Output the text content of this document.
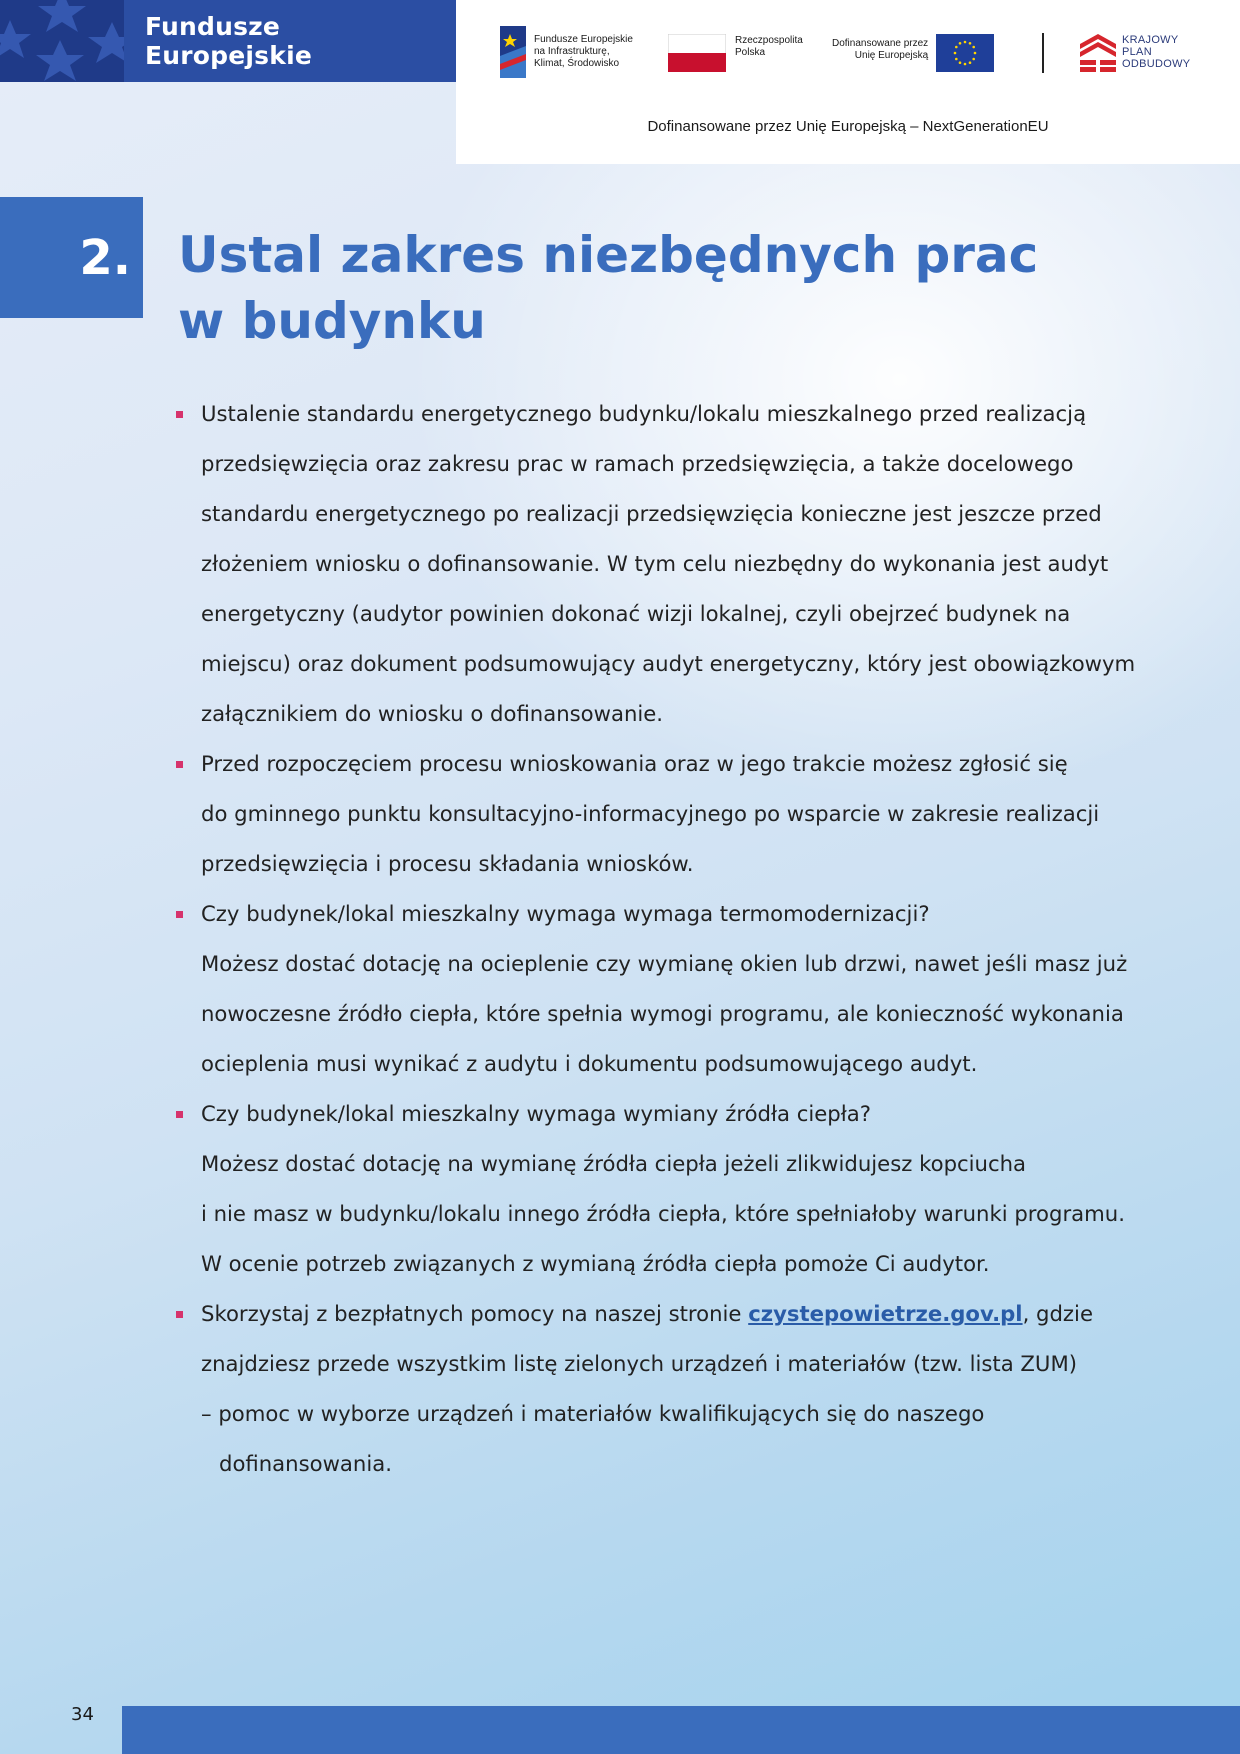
Fundusze Europejskie
Fundusze Europejskie
na Infrastrukturę,
Klimat, Środowisko
Rzeczpospolita
Polska
Dofinansowane przez
Unię Europejską
KRAJOWY
PLAN
ODBUDOWY
Dofinansowane przez Unię Europejską – NextGenerationEU
2. Ustal zakres niezbędnych prac
w budynku
Ustalenie standardu energetycznego budynku/lokalu mieszkalnego przed realizacją
przedsięwzięcia oraz zakresu prac w ramach przedsięwzięcia, a także docelowego
standardu energetycznego po realizacji przedsięwzięcia konieczne jest jeszcze przed
złożeniem wniosku o dofinansowanie. W tym celu niezbędny do wykonania jest audyt
energetyczny (audytor powinien dokonać wizji lokalnej, czyli obejrzeć budynek na
miejscu) oraz dokument podsumowujący audyt energetyczny, który jest obowiązkowym
załącznikiem do wniosku o dofinansowanie.
Przed rozpoczęciem procesu wnioskowania oraz w jego trakcie możesz zgłosić się
do gminnego punktu konsultacyjno-informacyjnego po wsparcie w zakresie realizacji
przedsięwzięcia i procesu składania wniosków.
Czy budynek/lokal mieszkalny wymaga wymaga termomodernizacji?
Możesz dostać dotację na ocieplenie czy wymianę okien lub drzwi, nawet jeśli masz już
nowoczesne źródło ciepła, które spełnia wymogi programu, ale konieczność wykonania
ocieplenia musi wynikać z audytu i dokumentu podsumowującego audyt.
Czy budynek/lokal mieszkalny wymaga wymiany źródła ciepła?
Możesz dostać dotację na wymianę źródła ciepła jeżeli zlikwidujesz kopciucha
i nie masz w budynku/lokalu innego źródła ciepła, które spełniałoby warunki programu.
W ocenie potrzeb związanych z wymianą źródła ciepła pomoże Ci audytor.
Skorzystaj z bezpłatnych pomocy na naszej stronie czystepowietrze.gov.pl, gdzie
znajdziesz przede wszystkim listę zielonych urządzeń i materiałów (tzw. lista ZUM)
– pomoc w wyborze urządzeń i materiałów kwalifikujących się do naszego
dofinansowania.
34
